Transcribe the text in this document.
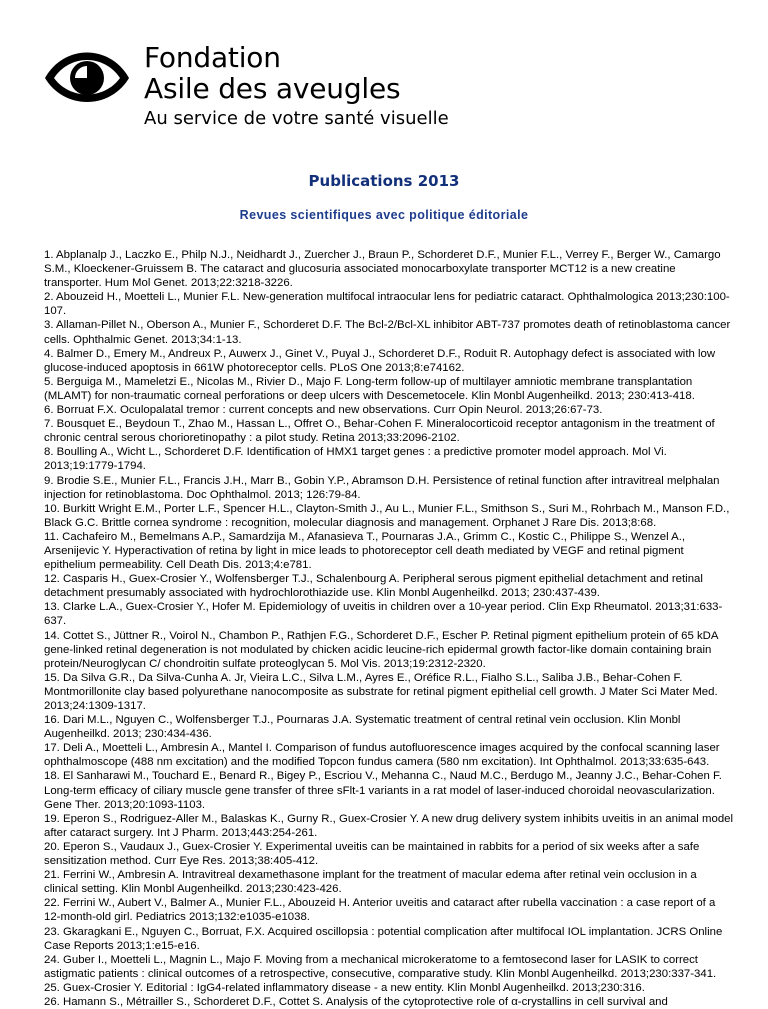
Fondation
Asile des aveugles
Au service de votre santé visuelle
Publications 2013
Revues scientifiques avec politique éditoriale

1. Abplanalp J., Laczko E., Philp N.J., Neidhardt J., Zuercher J., Braun P., Schorderet D.F., Munier F.L., Verrey F., Berger W., Camargo S.M., Kloeckener-Gruissem B. The cataract and glucosuria associated monocarboxylate transporter MCT12 is a new creatine transporter. Hum Mol Genet. 2013;22:3218-3226.

2. Abouzeid H., Moetteli L., Munier F.L. New-generation multifocal intraocular lens for pediatric cataract. Ophthalmologica 2013;230:100-107.

3. Allaman-Pillet N., Oberson A., Munier F., Schorderet D.F. The Bcl-2/Bcl-XL inhibitor ABT-737 promotes death of retinoblastoma cancer cells. Ophthalmic Genet. 2013;34:1-13.

4. Balmer D., Emery M., Andreux P., Auwerx J., Ginet V., Puyal J., Schorderet D.F., Roduit R. Autophagy defect is associated with low glucose-induced apoptosis in 661W photoreceptor cells. PLoS One 2013;8:e74162.

5. Berguiga M., Mameletzi E., Nicolas M., Rivier D., Majo F. Long-term follow-up of multilayer amniotic membrane transplantation (MLAMT) for non-traumatic corneal perforations or deep ulcers with Descemetocele. Klin Monbl Augenheilkd. 2013; 230:413-418.

6. Borruat F.X. Oculopalatal tremor : current concepts and new observations. Curr Opin Neurol. 2013;26:67-73.

7. Bousquet E., Beydoun T., Zhao M., Hassan L., Offret O., Behar-Cohen F. Mineralocorticoid receptor antagonism in the treatment of chronic central serous chorioretinopathy : a pilot study. Retina 2013;33:2096-2102.

8. Boulling A., Wicht L., Schorderet D.F. Identification of HMX1 target genes : a predictive promoter model approach. Mol Vi. 2013;19:1779-1794.

9. Brodie S.E., Munier F.L., Francis J.H., Marr B., Gobin Y.P., Abramson D.H. Persistence of retinal function after intravitreal melphalan injection for retinoblastoma. Doc Ophthalmol. 2013; 126:79-84.

10. Burkitt Wright E.M., Porter L.F., Spencer H.L., Clayton-Smith J., Au L., Munier F.L., Smithson S., Suri M., Rohrbach M., Manson F.D., Black G.C. Brittle cornea syndrome : recognition, molecular diagnosis and management. Orphanet J Rare Dis. 2013;8:68.

11. Cachafeiro M., Bemelmans A.P., Samardzija M., Afanasieva T., Pournaras J.A., Grimm C., Kostic C., Philippe S., Wenzel A., Arsenijevic Y. Hyperactivation of retina by light in mice leads to photoreceptor cell death mediated by VEGF and retinal pigment epithelium permeability. Cell Death Dis. 2013;4:e781.

12. Casparis H., Guex-Crosier Y., Wolfensberger T.J., Schalenbourg A. Peripheral serous pigment epithelial detachment and retinal detachment presumably associated with hydrochlorothiazide use. Klin Monbl Augenheilkd. 2013; 230:437-439.

13. Clarke L.A., Guex-Crosier Y., Hofer M. Epidemiology of uveitis in children over a 10-year period. Clin Exp Rheumatol. 2013;31:633-637.

14. Cottet S., Jüttner R., Voirol N., Chambon P., Rathjen F.G., Schorderet D.F., Escher P. Retinal pigment epithelium protein of 65 kDA gene-linked retinal degeneration is not modulated by chicken acidic leucine-rich epidermal growth factor-like domain containing brain protein/Neuroglycan C/ chondroitin sulfate proteoglycan 5. Mol Vis. 2013;19:2312-2320.

15. Da Silva G.R., Da Silva-Cunha A. Jr, Vieira L.C., Silva L.M., Ayres E., Oréfice R.L., Fialho S.L., Saliba J.B., Behar-Cohen F. Montmorillonite clay based polyurethane nanocomposite as substrate for retinal pigment epithelial cell growth. J Mater Sci Mater Med. 2013;24:1309-1317.

16. Dari M.L., Nguyen C., Wolfensberger T.J., Pournaras J.A. Systematic treatment of central retinal vein occlusion. Klin Monbl Augenheilkd. 2013; 230:434-436.

17. Deli A., Moetteli L., Ambresin A., Mantel I. Comparison of fundus autofluorescence images acquired by the confocal scanning laser ophthalmoscope (488 nm excitation) and the modified Topcon fundus camera (580 nm excitation). Int Ophthalmol. 2013;33:635-643.

18. El Sanharawi M., Touchard E., Benard R., Bigey P., Escriou V., Mehanna C., Naud M.C., Berdugo M., Jeanny J.C., Behar-Cohen F. Long-term efficacy of ciliary muscle gene transfer of three sFlt-1 variants in a rat model of laser-induced choroidal neovascularization. Gene Ther. 2013;20:1093-1103.

19. Eperon S., Rodriguez-Aller M., Balaskas K., Gurny R., Guex-Crosier Y. A new drug delivery system inhibits uveitis in an animal model after cataract surgery. Int J Pharm. 2013;443:254-261.

20. Eperon S., Vaudaux J., Guex-Crosier Y. Experimental uveitis can be maintained in rabbits for a period of six weeks after a safe sensitization method. Curr Eye Res. 2013;38:405-412.

21. Ferrini W., Ambresin A. Intravitreal dexamethasone implant for the treatment of macular edema after retinal vein occlusion in a clinical setting. Klin Monbl Augenheilkd. 2013;230:423-426.

22. Ferrini W., Aubert V., Balmer A., Munier F.L., Abouzeid H. Anterior uveitis and cataract after rubella vaccination : a case report of a 12-month-old girl. Pediatrics 2013;132:e1035-e1038.

23. Gkaragkani E., Nguyen C., Borruat, F.X. Acquired oscillopsia : potential complication after multifocal IOL implantation. JCRS Online Case Reports 2013;1:e15-e16.

24. Guber I., Moetteli L., Magnin L., Majo F. Moving from a mechanical microkeratome to a femtosecond laser for LASIK to correct astigmatic patients : clinical outcomes of a retrospective, consecutive, comparative study. Klin Monbl Augenheilkd. 2013;230:337-341.

25. Guex-Crosier Y. Editorial : IgG4-related inflammatory disease - a new entity. Klin Monbl Augenheilkd. 2013;230:316.

26. Hamann S., Métrailler S., Schorderet D.F., Cottet S. Analysis of the cytoprotective role of α-crystallins in cell survival and
